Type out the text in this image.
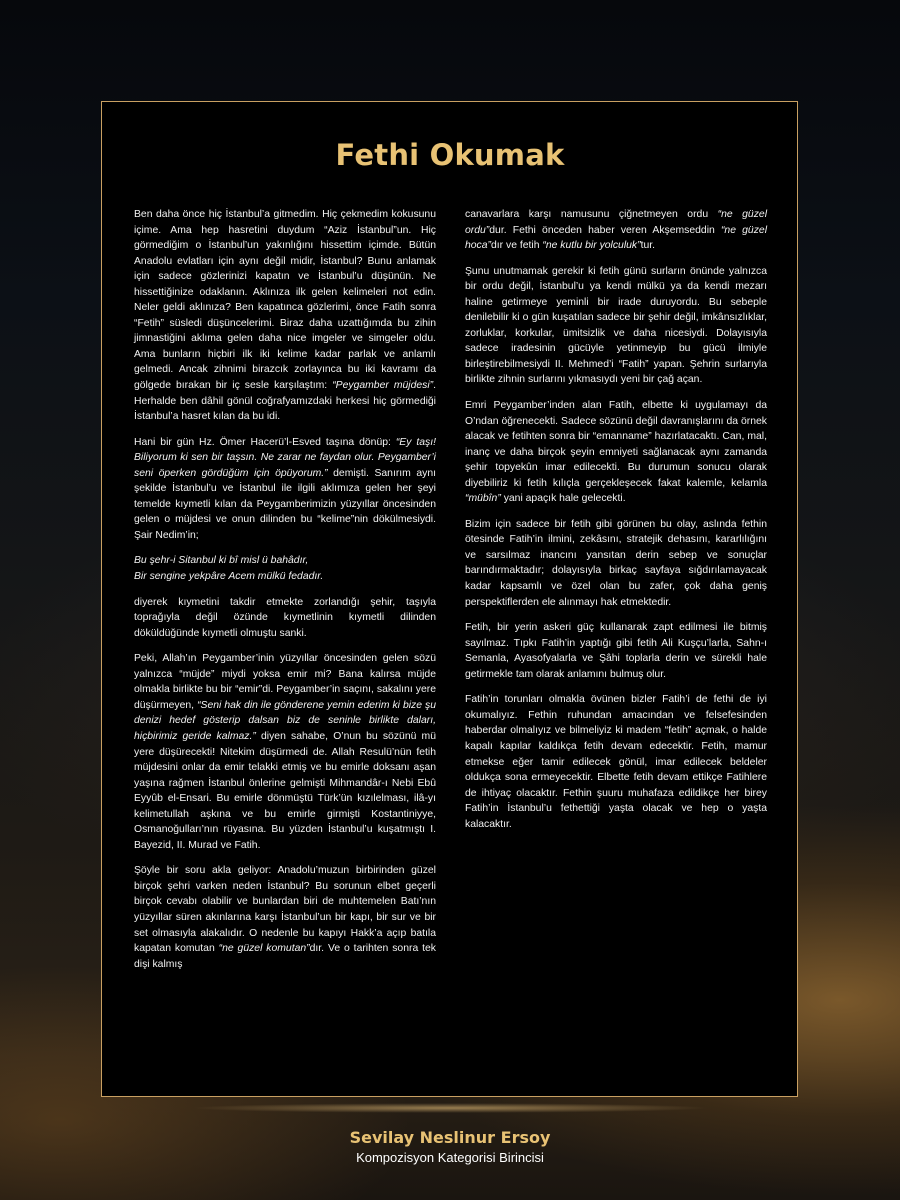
Fethi Okumak

Ben daha önce hiç İstanbul’a gitmedim. Hiç çekmedim kokusunu içime. Ama hep hasretini duydum “Aziz İstanbul”un. Hiç görmediğim o İstanbul’un yakınlığını hissettim içimde. Bütün Anadolu evlatları için aynı değil midir, İstanbul? Bunu anlamak için sadece gözlerinizi kapatın ve İstanbul’u düşünün. Ne hissettiğinize odaklanın. Aklınıza ilk gelen kelimeleri not edin. Neler geldi aklınıza? Ben kapatınca gözlerimi, önce Fatih sonra “Fetih” süsledi düşüncelerimi. Biraz daha uzattığımda bu zihin jimnastiğini aklıma gelen daha nice imgeler ve simgeler oldu. Ama bunların hiçbiri ilk iki kelime kadar parlak ve anlamlı gelmedi. Ancak zihnimi birazcık zorlayınca bu iki kavramı da gölgede bırakan bir iç sesle karşılaştım: “Peygamber müjdesi”. Herhalde ben dâhil gönül coğrafyamızdaki herkesi hiç görmediği İstanbul’a hasret kılan da bu idi.

Hani bir gün Hz. Ömer Hacerü’l-Esved taşına dönüp: “Ey taşı! Biliyorum ki sen bir taşsın. Ne zarar ne faydan olur. Peygamber’i seni öperken gördüğüm için öpüyorum.” demişti. Sanırım aynı şekilde İstanbul’u ve İstanbul ile ilgili aklımıza gelen her şeyi temelde kıymetli kılan da Peygamberimizin yüzyıllar öncesinden gelen o müjdesi ve onun dilinden bu “kelime”nin dökülmesiydi. Şair Nedim’in;

Bu şehr-i Sitanbul ki bî misl ü bahâdır,
Bir sengine yekpâre Acem mülkü fedadır.

diyerek kıymetini takdir etmekte zorlandığı şehir, taşıyla toprağıyla değil özünde kıymetlinin kıymetli dilinden döküldüğünde kıymetli olmuştu sanki.

Peki, Allah’ın Peygamber’inin yüzyıllar öncesinden gelen sözü yalnızca “müjde” miydi yoksa emir mi? Bana kalırsa müjde olmakla birlikte bu bir “emir”di. Peygamber’in saçını, sakalını yere düşürmeyen, “Seni hak din ile gönderene yemin ederim ki bize şu denizi hedef gösterip dalsan biz de seninle birlikte daları, hiçbirimiz geride kalmaz.” diyen sahabe, O’nun bu sözünü mü yere düşürecekti! Nitekim düşürmedi de. Allah Resulü’nün fetih müjdesini onlar da emir telakki etmiş ve bu emirle doksanı aşan yaşına rağmen İstanbul önlerine gelmişti Mihmandâr-ı Nebi Ebû Eyyûb el-Ensari. Bu emirle dönmüştü Türk’ün kızılelması, ilâ-yı kelimetullah aşkına ve bu emirle girmişti Kostantiniyye, Osmanoğulları’nın rüyasına. Bu yüzden İstanbul’u kuşatmıştı I. Bayezid, II. Murad ve Fatih.

Şöyle bir soru akla geliyor: Anadolu’muzun birbirinden güzel birçok şehri varken neden İstanbul? Bu sorunun elbet geçerli birçok cevabı olabilir ve bunlardan biri de muhtemelen Batı’nın yüzyıllar süren akınlarına karşı İstanbul’un bir kapı, bir sur ve bir set olmasıyla alakalıdır. O nedenle bu kapıyı Hakk’a açıp batıla kapatan komutan “ne güzel komutan”dır. Ve o tarihten sonra tek dişi kalmış

canavarlara karşı namusunu çiğnetmeyen ordu “ne güzel ordu”dur. Fethi önceden haber veren Akşemseddin “ne güzel hoca”dır ve fetih “ne kutlu bir yolculuk”tur.

Şunu unutmamak gerekir ki fetih günü surların önünde yalnızca bir ordu değil, İstanbul’u ya kendi mülkü ya da kendi mezarı haline getirmeye yeminli bir irade duruyordu. Bu sebeple denilebilir ki o gün kuşatılan sadece bir şehir değil, imkânsızlıklar, zorluklar, korkular, ümitsizlik ve daha nicesiydi. Dolayısıyla sadece iradesinin gücüyle yetinmeyip bu gücü ilmiyle birleştirebilmesiydi II. Mehmed’i “Fatih” yapan. Şehrin surlarıyla birlikte zihnin surlarını yıkmasıydı yeni bir çağ açan.

Emri Peygamber’inden alan Fatih, elbette ki uygulamayı da O’ndan öğrenecekti. Sadece sözünü değil davranışlarını da örnek alacak ve fetihten sonra bir “emanname” hazırlatacaktı. Can, mal, inanç ve daha birçok şeyin emniyeti sağlanacak aynı zamanda şehir topyekûn imar edilecekti. Bu durumun sonucu olarak diyebiliriz ki fetih kılıçla gerçekleşecek fakat kalemle, kelamla “mübîn” yani apaçık hale gelecekti.

Bizim için sadece bir fetih gibi görünen bu olay, aslında fethin ötesinde Fatih’in ilmini, zekâsını, stratejik dehasını, kararlılığını ve sarsılmaz inancını yansıtan derin sebep ve sonuçlar barındırmaktadır; dolayısıyla birkaç sayfaya sığdırılamayacak kadar kapsamlı ve özel olan bu zafer, çok daha geniş perspektiflerden ele alınmayı hak etmektedir.

Fetih, bir yerin askeri güç kullanarak zapt edilmesi ile bitmiş sayılmaz. Tıpkı Fatih’in yaptığı gibi fetih Ali Kuşçu’larla, Sahn-ı Semanla, Ayasofyalarla ve Şâhi toplarla derin ve sürekli hale getirmekle tam olarak anlamını bulmuş olur.

Fatih’in torunları olmakla övünen bizler Fatih’i de fethi de iyi okumalıyız. Fethin ruhundan amacından ve felsefesinden haberdar olmalıyız ve bilmeliyiz ki madem “fetih” açmak, o halde kapalı kapılar kaldıkça fetih devam edecektir. Fetih, mamur etmekse eğer tamir edilecek gönül, imar edilecek beldeler oldukça sona ermeyecektir. Elbette fetih devam ettikçe Fatihlere de ihtiyaç olacaktır. Fethin şuuru muhafaza edildikçe her birey Fatih’in İstanbul’u fethettiği yaşta olacak ve hep o yaşta kalacaktır.

Sevilay Neslinur Ersoy
Kompozisyon Kategorisi Birincisi
